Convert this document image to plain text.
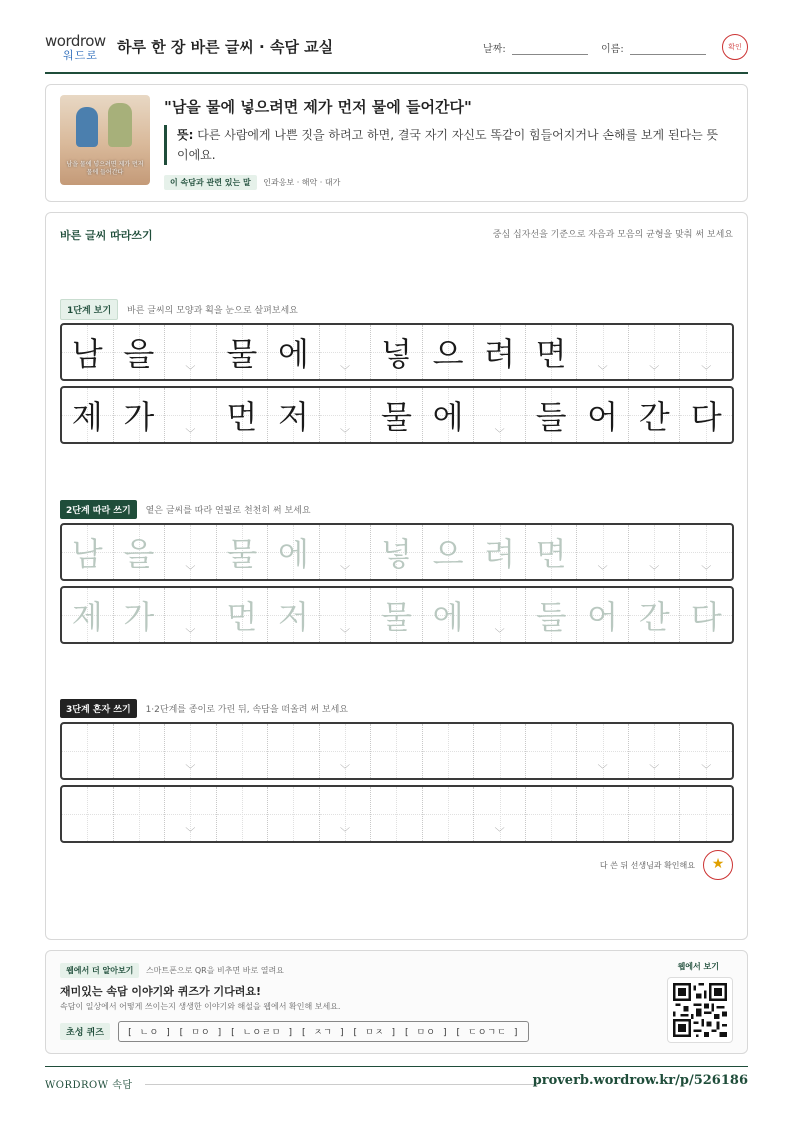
wordrow
워드로 하루 한 장 바른 글씨 · 속담 교실	날짜:	이름:	확인
남을 물에 넣으려면 제가 먼저 물에 들어간다
"남을 물에 넣으려면 제가 먼저 물에 들어간다"
뜻: 다른 사람에게 나쁜 짓을 하려고 하면, 결국 자기 자신도 똑같이 힘들어지거나 손해를 보게 된다는 뜻이에요.
이 속담과 관련 있는 말 인과응보 · 해악 · 대가
바른 글씨 따라쓰기	중심 십자선을 기준으로 자음과 모음의 균형을 맞춰 써 보세요
1단계 보기 바른 글씨의 모양과 획을 눈으로 살펴보세요
남 을	﹀ 물 에	﹀ 넣 으 려 면	﹀	﹀	﹀
제 가	﹀ 먼 저	﹀ 물 에	﹀ 들 어 간 다
2단계 따라 쓰기 옅은 글씨를 따라 연필로 천천히 써 보세요
남 을	﹀ 물 에	﹀ 넣 으 려 면	﹀	﹀	﹀
제 가	﹀ 먼 저	﹀ 물 에	﹀ 들 어 간 다
3단계 혼자 쓰기 1·2단계를 종이로 가린 뒤, 속담을 떠올려 써 보세요
﹀	﹀	﹀	﹀	﹀
﹀	﹀	﹀
다 쓴 뒤 선생님과 확인해요	★
웹에서 더 알아보기 스마트폰으로 QR을 비추면 바로 열려요
재미있는 속담 이야기와 퀴즈가 기다려요!
속담이 일상에서 어떻게 쓰이는지 생생한 이야기와 해설을 웹에서 확인해 보세요.
초성 퀴즈	[ ㄴㅇ ] [ ㅁㅇ ] [ ㄴㅇㄹㅁ ] [ ㅈㄱ ] [ ㅁㅈ ] [ ㅁㅇ ] [ ㄷㅇㄱㄷ ]
웹에서 보기
WORDROW 속담	proverb.wordrow.kr/p/526186
